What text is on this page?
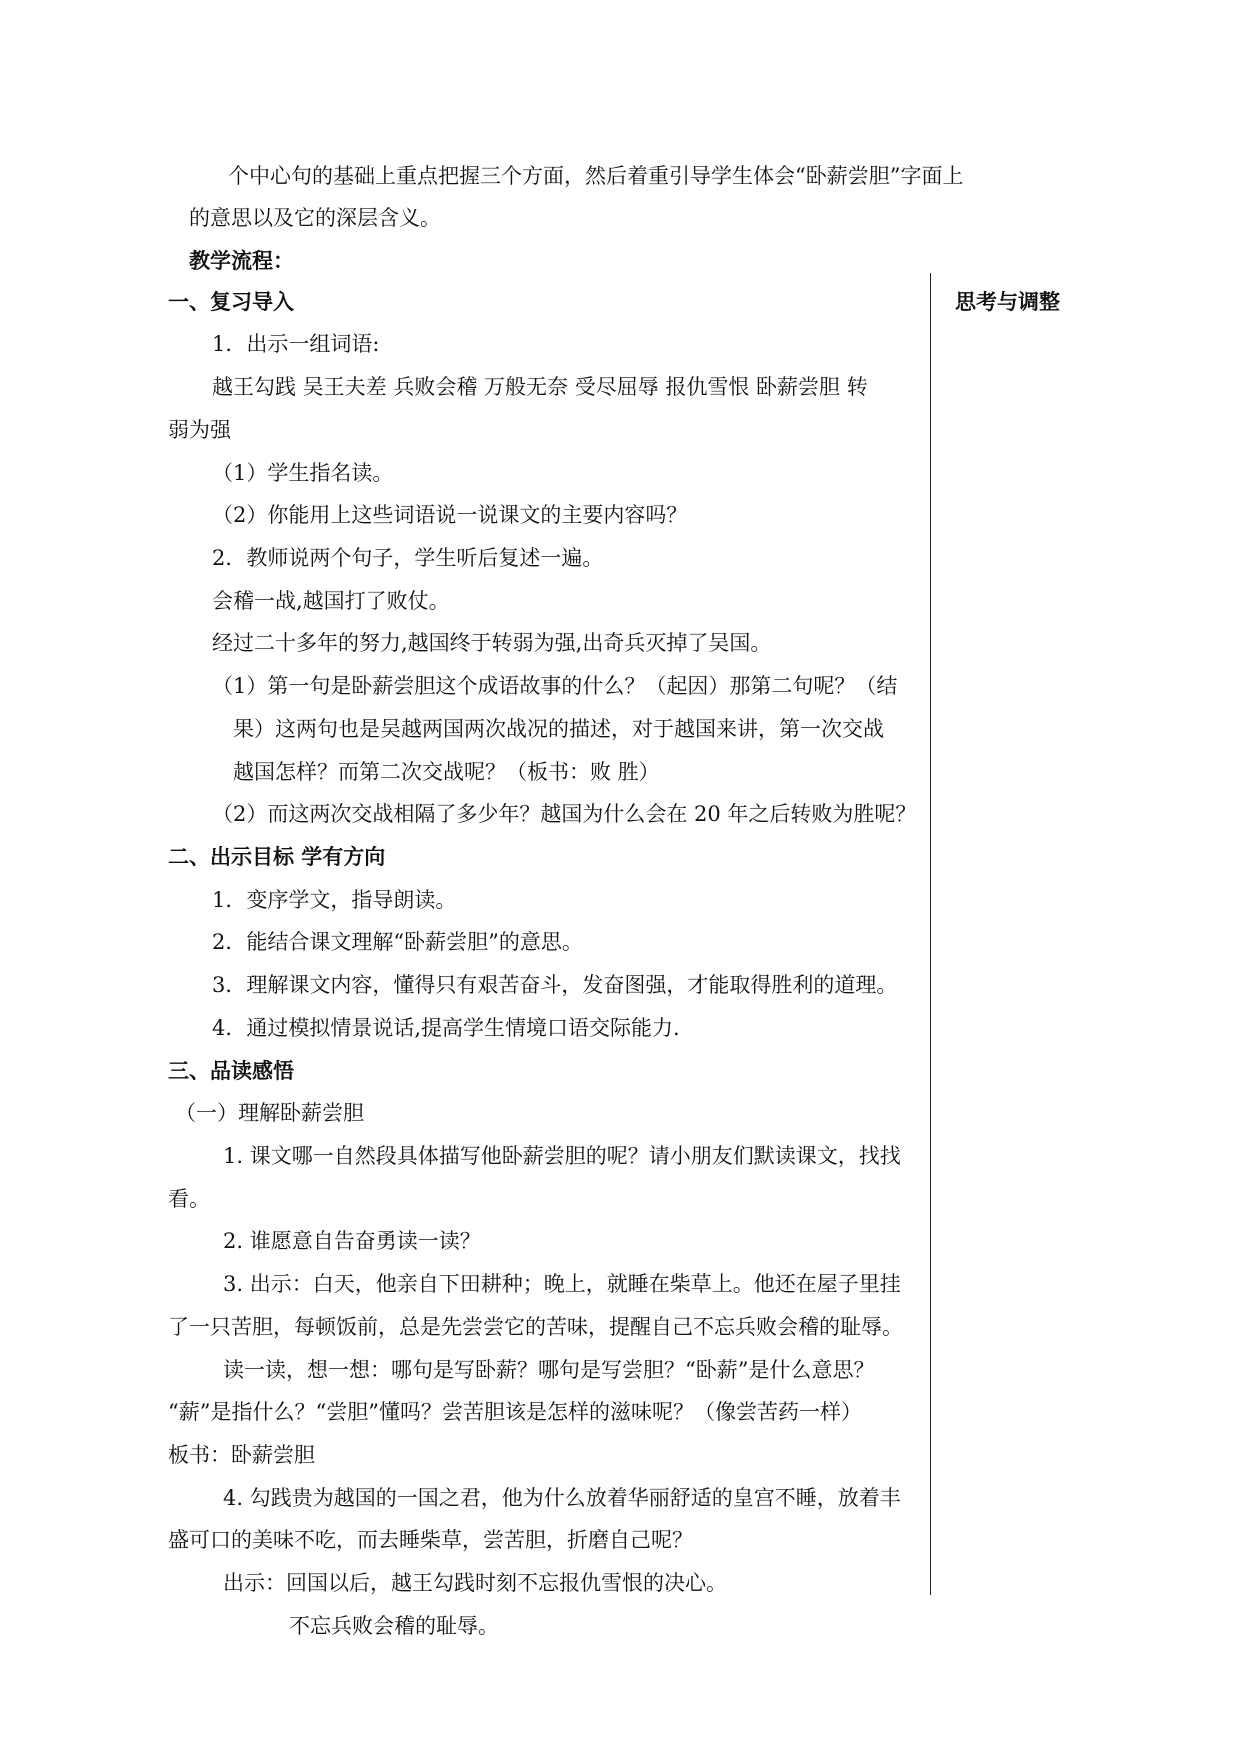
个中心句的基础上重点把握三个方面，然后着重引导学生体会“卧薪尝胆”字面上
的意思以及它的深层含义。
教学流程：
思考与调整
一、复习导入
1．出示一组词语:
越王勾践 吴王夫差 兵败会稽 万般无奈 受尽屈辱 报仇雪恨 卧薪尝胆 转
弱为强
（1）学生指名读。
（2）你能用上这些词语说一说课文的主要内容吗？
2．教师说两个句子，学生听后复述一遍。
会稽一战,越国打了败仗。
经过二十多年的努力,越国终于转弱为强,出奇兵灭掉了吴国。
（1）第一句是卧薪尝胆这个成语故事的什么？（起因）那第二句呢？（结
果）这两句也是吴越两国两次战况的描述，对于越国来讲，第一次交战
越国怎样？而第二次交战呢？（板书：败 胜）
（2）而这两次交战相隔了多少年？越国为什么会在 20 年之后转败为胜呢？
二、出示目标 学有方向
1．变序学文，指导朗读。
2．能结合课文理解“卧薪尝胆”的意思。
3．理解课文内容，懂得只有艰苦奋斗，发奋图强，才能取得胜利的道理。
4．通过模拟情景说话,提高学生情境口语交际能力.
三、品读感悟
（一）理解卧薪尝胆
1. 课文哪一自然段具体描写他卧薪尝胆的呢？请小朋友们默读课文，找找
看。
2. 谁愿意自告奋勇读一读？
3. 出示：白天，他亲自下田耕种；晚上，就睡在柴草上。他还在屋子里挂
了一只苦胆，每顿饭前，总是先尝尝它的苦味，提醒自己不忘兵败会稽的耻辱。
读一读，想一想：哪句是写卧薪？哪句是写尝胆？“卧薪”是什么意思？
“薪”是指什么？“尝胆”懂吗？尝苦胆该是怎样的滋味呢？（像尝苦药一样）
板书：卧薪尝胆
4. 勾践贵为越国的一国之君，他为什么放着华丽舒适的皇宫不睡，放着丰
盛可口的美味不吃，而去睡柴草，尝苦胆，折磨自己呢？
出示：回国以后，越王勾践时刻不忘报仇雪恨的决心。
不忘兵败会稽的耻辱。
